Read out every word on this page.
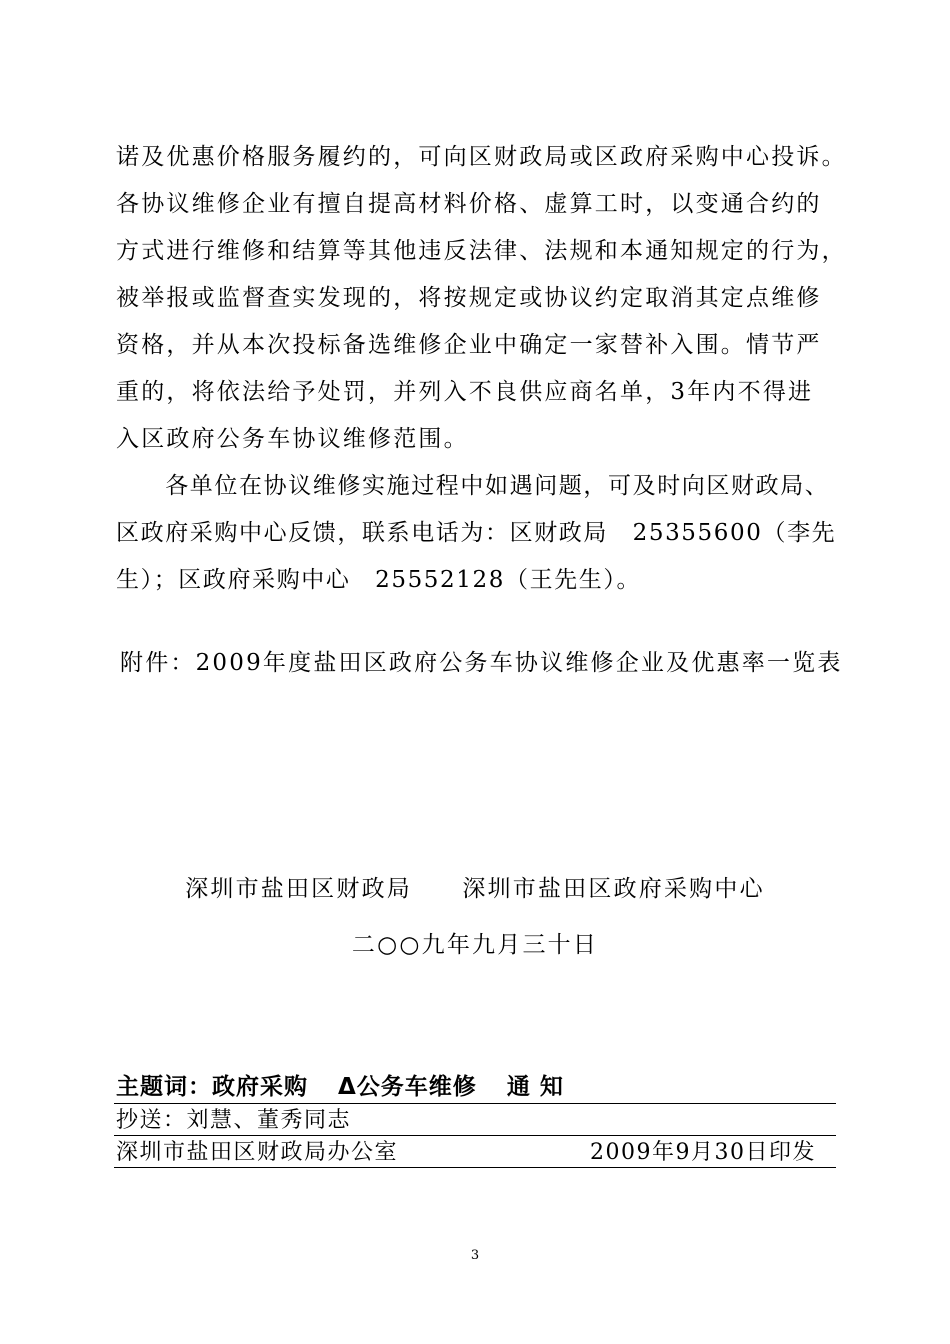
诺及优惠价格服务履约的，可向区财政局或区政府采购中心投诉。
各协议维修企业有擅自提高材料价格、虚算工时，以变通合约的
方式进行维修和结算等其他违反法律、法规和本通知规定的行为，
被举报或监督查实发现的，将按规定或协议约定取消其定点维修
资格，并从本次投标备选维修企业中确定一家替补入围。情节严
重的，将依法给予处罚，并列入不良供应商名单，3年内不得进
入区政府公务车协议维修范围。
　　各单位在协议维修实施过程中如遇问题，可及时向区财政局、
区政府采购中心反馈，联系电话为：区财政局　25355600（李先
生）；区政府采购中心　25552128（王先生）。
附件：2009年度盐田区政府公务车协议维修企业及优惠率一览表
深圳市盐田区财政局　　深圳市盐田区政府采购中心
二○○九年九月三十日
主题词：政府采购 Δ公务车维修 通 知
抄送：刘慧、董秀同志
深圳市盐田区财政局办公室	2009年9月30日印发
3
